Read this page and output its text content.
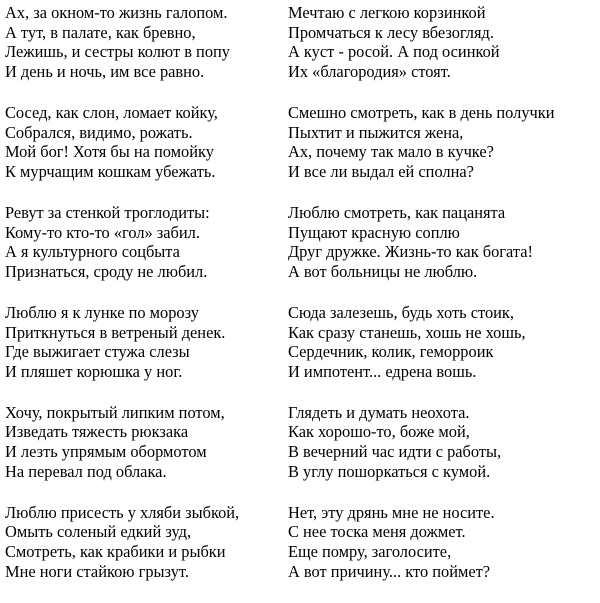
Ах, за окном-то жизнь галопом.
А тут, в палате, как бревно,
Лежишь, и сестры колют в попу
И день и ночь, им все равно.
Сосед, как слон, ломает койку,
Собрался, видимо, рожать.
Мой бог! Хотя бы на помойку
К мурчащим кошкам убежать.
Ревут за стенкой троглодиты:
Кому-то кто-то «гол» забил.
А я культурного соцбыта
Признаться, сроду не любил.
Люблю я к лунке по морозу
Приткнуться в ветреный денек.
Где выжигает стужа слезы
И пляшет корюшка у ног.
Хочу, покрытый липким потом,
Изведать тяжесть рюкзака
И лезть упрямым обормотом
На перевал под облака.
Люблю присесть у хляби зыбкой,
Омыть соленый едкий зуд,
Смотреть, как крабики и рыбки
Мне ноги стайкою грызут.
Мечтаю с легкою корзинкой
Промчаться к лесу вбезогляд.
А куст - росой. А под осинкой
Их «благородия» стоят.
Смешно смотреть, как в день получки
Пыхтит и пыжится жена,
Ах, почему так мало в кучке?
И все ли выдал ей сполна?
Люблю смотреть, как пацанята
Пущают красную соплю
Друг дружке. Жизнь-то как богата!
А вот больницы не люблю.
Сюда залезешь, будь хоть стоик,
Как сразу станешь, хошь не хошь,
Сердечник, колик, геморроик
И импотент... едрена вошь.
Глядеть и думать неохота.
Как хорошо-то, боже мой,
В вечерний час идти с работы,
В углу пошоркаться с кумой.
Нет, эту дрянь мне не носите.
С нее тоска меня дожмет.
Еще помру, заголосите,
А вот причину... кто поймет?
